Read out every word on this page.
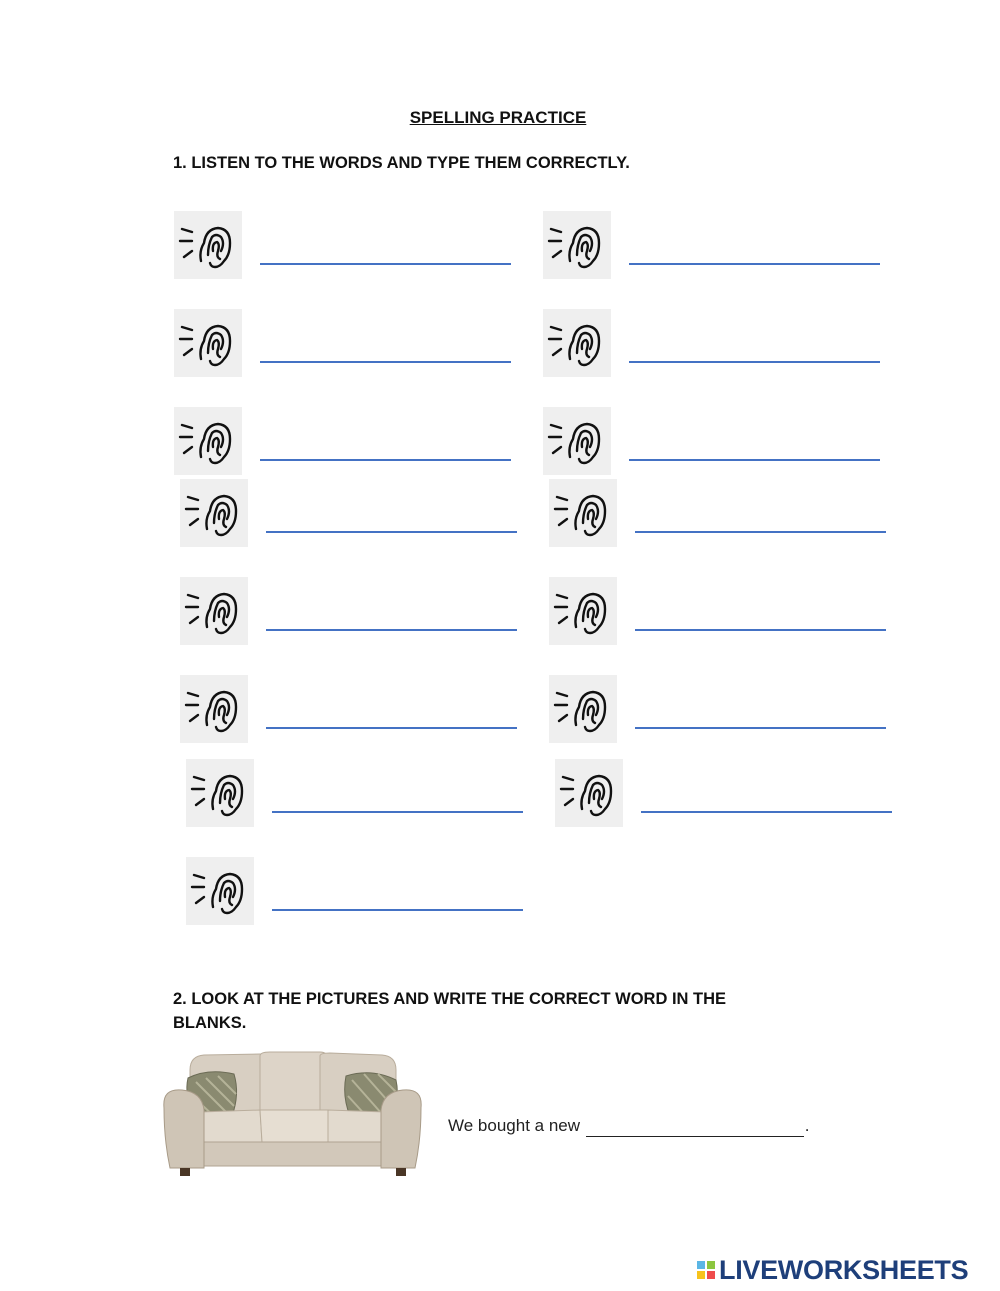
SPELLING PRACTICE
1. LISTEN TO THE WORDS AND TYPE THEM CORRECTLY.
2. LOOK AT THE PICTURES AND WRITE THE CORRECT WORD IN THE
BLANKS.
We bought a new	.
LIVEWORKSHEETS
